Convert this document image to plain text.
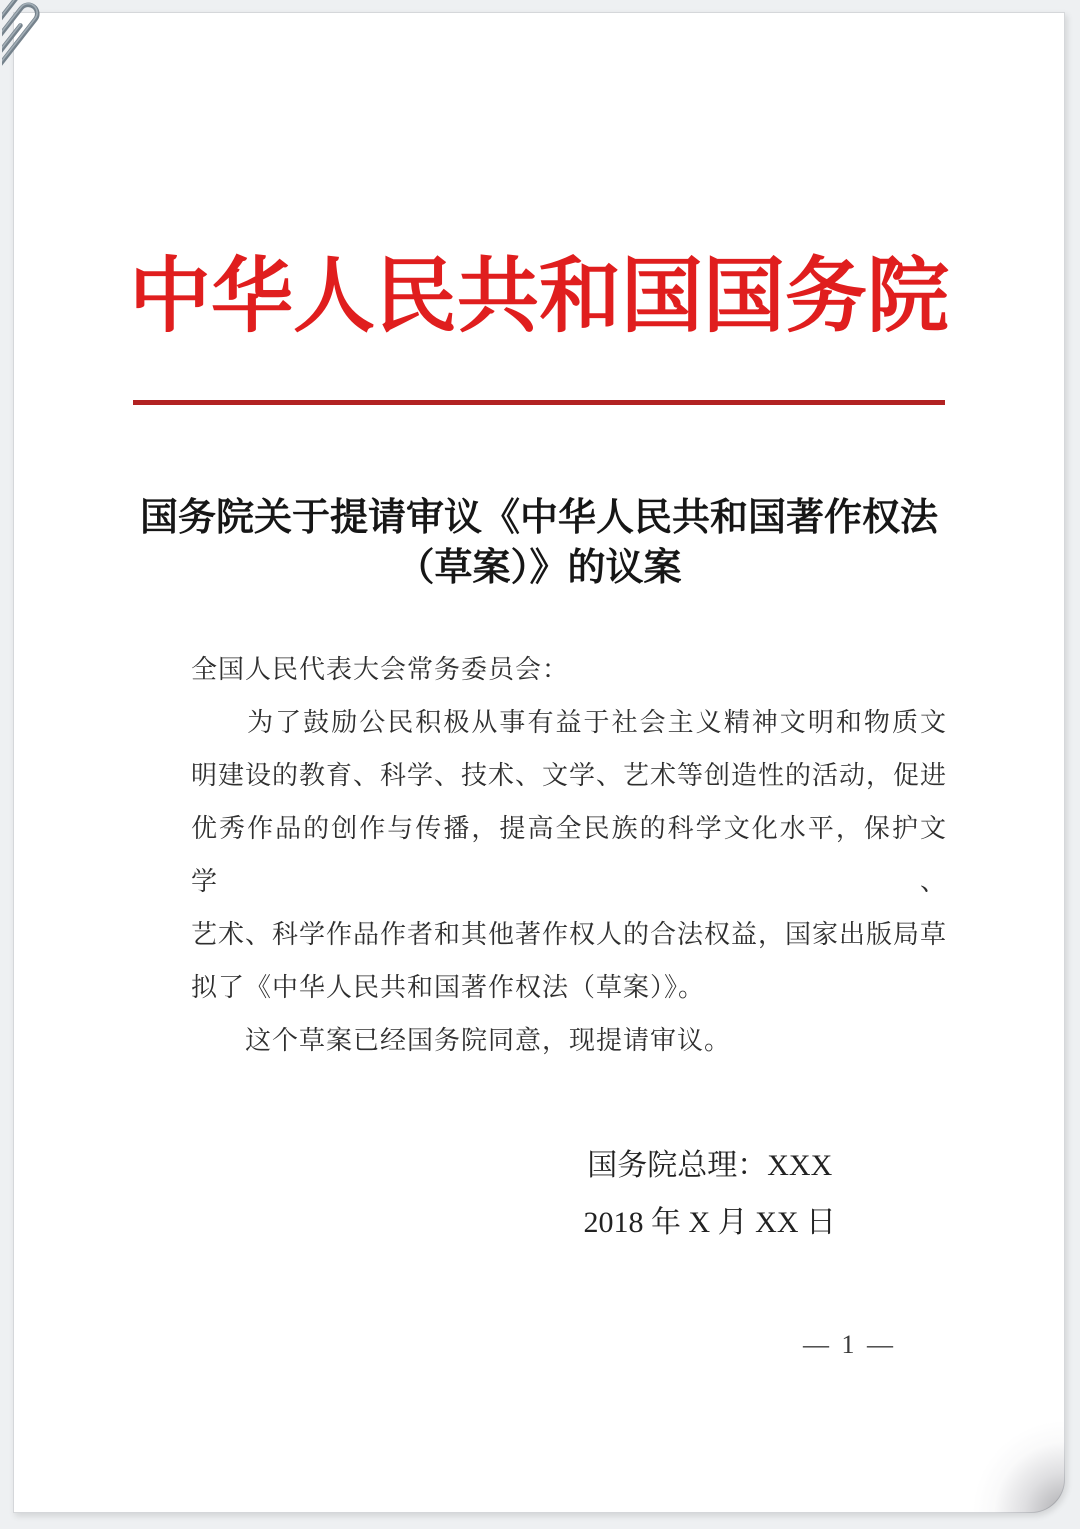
中华人民共和国国务院
国务院关于提请审议《中华人民共和国著作权法
（草案）》的议案
全国人民代表大会常务委员会：
　　为了鼓励公民积极从事有益于社会主义精神文明和物质文
明建设的教育、科学、技术、文学、艺术等创造性的活动，促进
优秀作品的创作与传播，提高全民族的科学文化水平，保护文学、
艺术、科学作品作者和其他著作权人的合法权益，国家出版局草
拟了《中华人民共和国著作权法（草案）》。
　　这个草案已经国务院同意，现提请审议。
国务院总理：XXX
2018 年 X 月 XX 日
— 1 —
